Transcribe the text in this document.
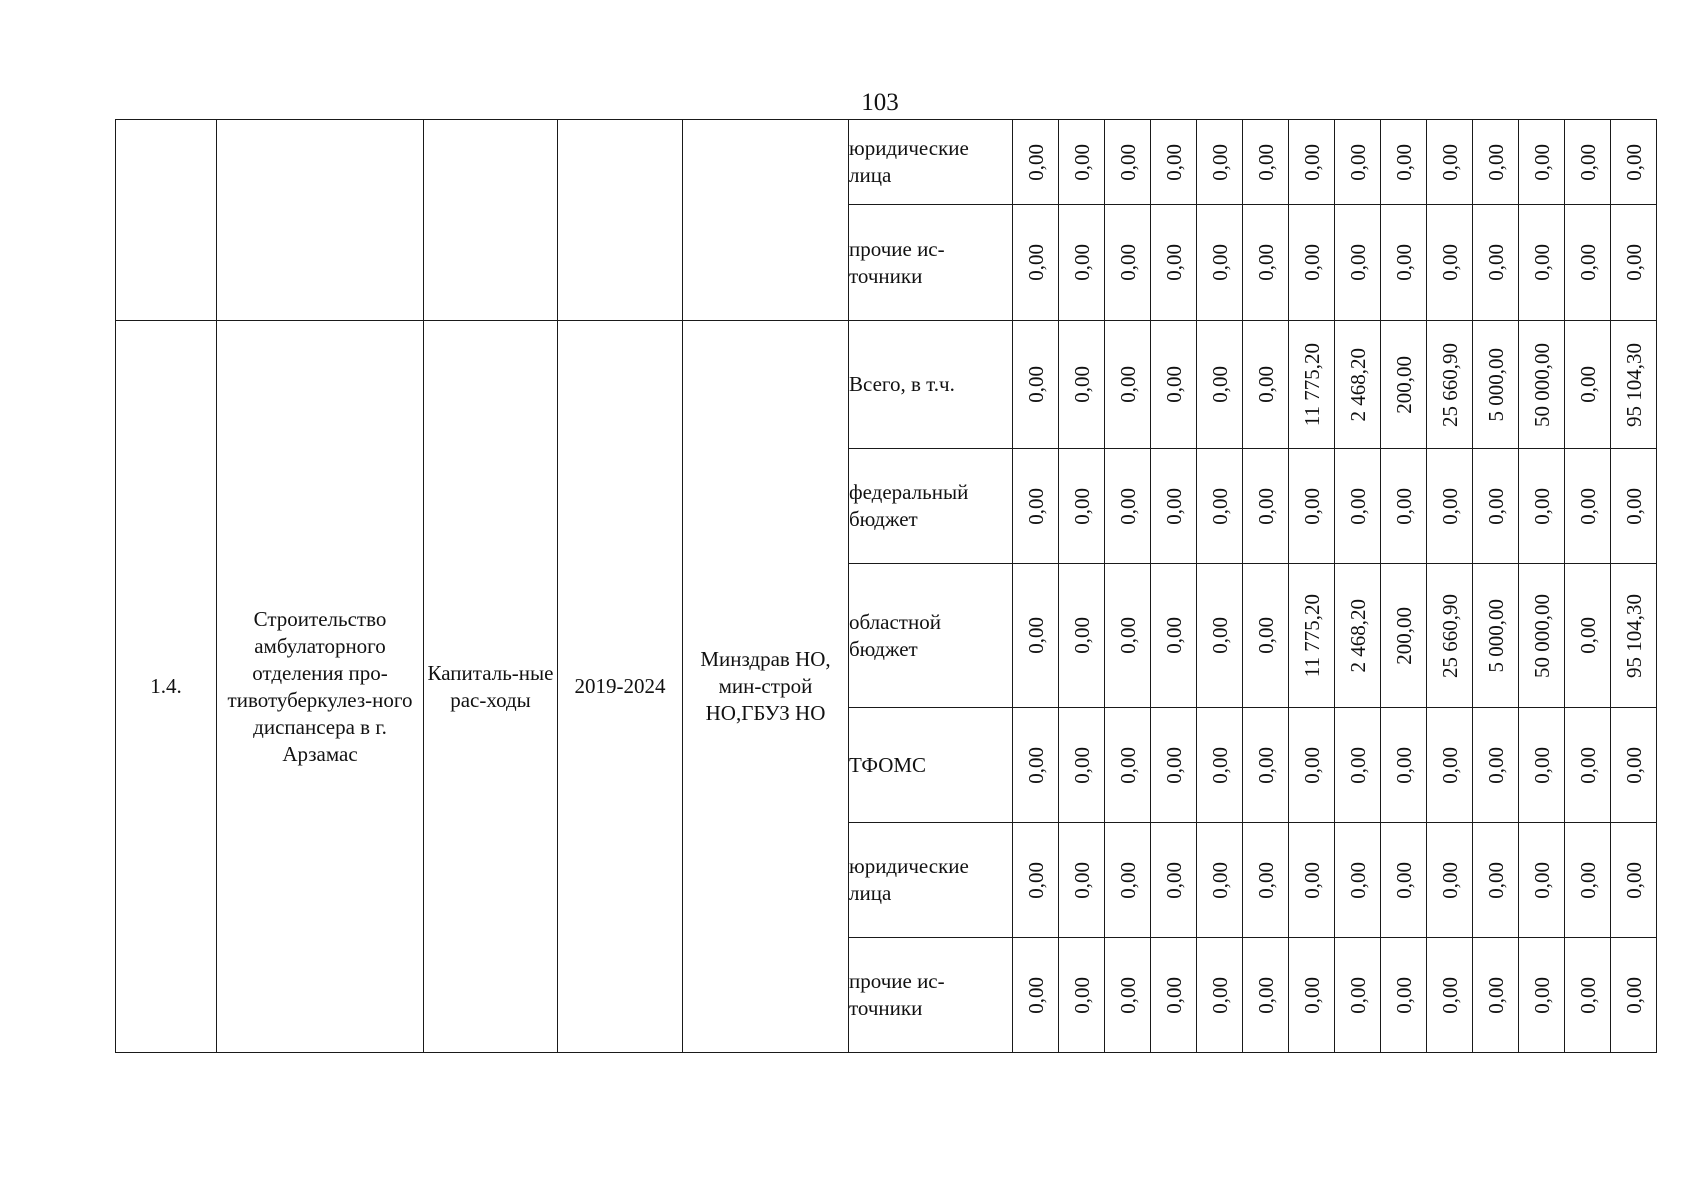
103
					юридические лица	0,00	0,00	0,00	0,00	0,00	0,00	0,00	0,00	0,00	0,00	0,00	0,00	0,00	0,00

					прочие ис-точники	0,00	0,00	0,00	0,00	0,00	0,00	0,00	0,00	0,00	0,00	0,00	0,00	0,00	0,00

1.4.	Строительство амбулаторного отделения про-тивотуберкулез-ного диспансера в г. Арзамас	Капиталь-ные рас-ходы	2019-2024	Минздрав НО, мин-строй НО,ГБУЗ НО	Всего, в т.ч.	0,00	0,00	0,00	0,00	0,00	0,00	11 775,20	2 468,20	200,00	25 660,90	5 000,00	50 000,00	0,00	95 104,30

					федеральный бюджет	0,00	0,00	0,00	0,00	0,00	0,00	0,00	0,00	0,00	0,00	0,00	0,00	0,00	0,00

					областной бюджет	0,00	0,00	0,00	0,00	0,00	0,00	11 775,20	2 468,20	200,00	25 660,90	5 000,00	50 000,00	0,00	95 104,30

					ТФОМС	0,00	0,00	0,00	0,00	0,00	0,00	0,00	0,00	0,00	0,00	0,00	0,00	0,00	0,00

					юридические лица	0,00	0,00	0,00	0,00	0,00	0,00	0,00	0,00	0,00	0,00	0,00	0,00	0,00	0,00

					прочие ис-точники	0,00	0,00	0,00	0,00	0,00	0,00	0,00	0,00	0,00	0,00	0,00	0,00	0,00	0,00
